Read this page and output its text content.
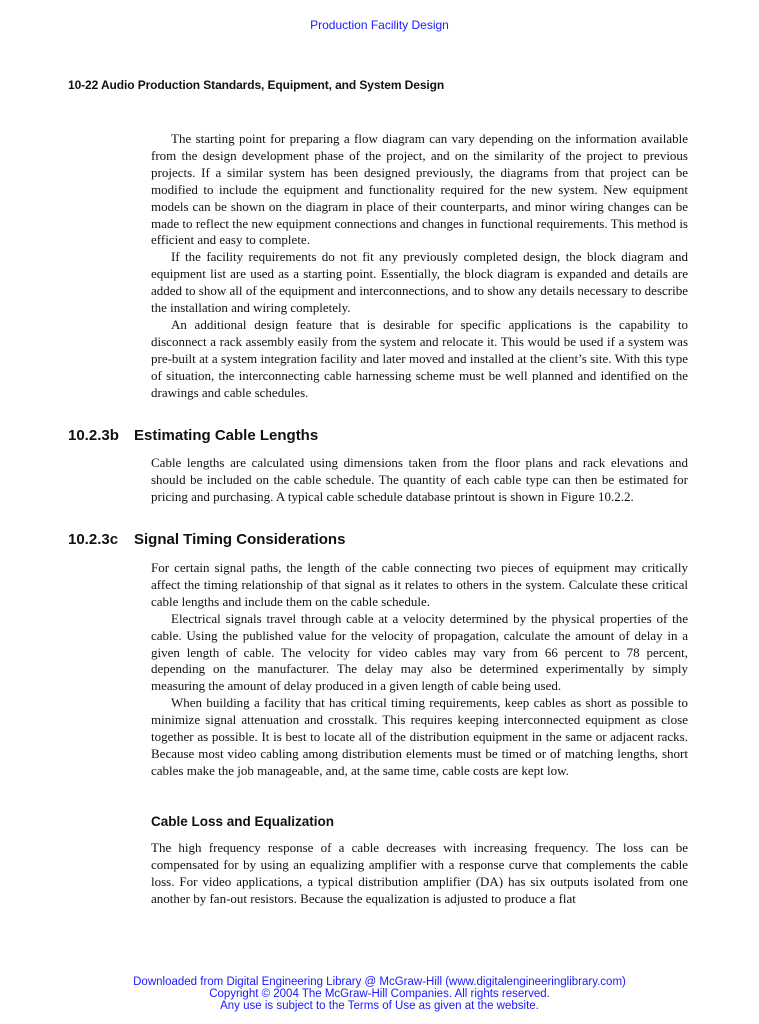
Production Facility Design
10-22 Audio Production Standards, Equipment, and System Design

The starting point for preparing a flow diagram can vary depending on the information available from the design development phase of the project, and on the similarity of the project to previous projects. If a similar system has been designed previously, the diagrams from that project can be modified to include the equipment and functionality required for the new system. New equipment models can be shown on the diagram in place of their counterparts, and minor wiring changes can be made to reflect the new equipment connections and changes in functional requirements. This method is efficient and easy to complete.

If the facility requirements do not fit any previously completed design, the block diagram and equipment list are used as a starting point. Essentially, the block diagram is expanded and details are added to show all of the equipment and interconnections, and to show any details necessary to describe the installation and wiring completely.

An additional design feature that is desirable for specific applications is the capability to disconnect a rack assembly easily from the system and relocate it. This would be used if a system was pre-built at a system integration facility and later moved and installed at the client’s site. With this type of situation, the interconnecting cable harnessing scheme must be well planned and identified on the drawings and cable schedules.

10.2.3b Estimating Cable Lengths

Cable lengths are calculated using dimensions taken from the floor plans and rack elevations and should be included on the cable schedule. The quantity of each cable type can then be estimated for pricing and purchasing. A typical cable schedule database printout is shown in Figure 10.2.2.

10.2.3c Signal Timing Considerations

For certain signal paths, the length of the cable connecting two pieces of equipment may critically affect the timing relationship of that signal as it relates to others in the system. Calculate these critical cable lengths and include them on the cable schedule.

Electrical signals travel through cable at a velocity determined by the physical properties of the cable. Using the published value for the velocity of propagation, calculate the amount of delay in a given length of cable. The velocity for video cables may vary from 66 percent to 78 percent, depending on the manufacturer. The delay may also be determined experimentally by simply measuring the amount of delay produced in a given length of cable being used.

When building a facility that has critical timing requirements, keep cables as short as possible to minimize signal attenuation and crosstalk. This requires keeping interconnected equipment as close together as possible. It is best to locate all of the distribution equipment in the same or adjacent racks. Because most video cabling among distribution elements must be timed or of matching lengths, short cables make the job manageable, and, at the same time, cable costs are kept low.

Cable Loss and Equalization

The high frequency response of a cable decreases with increasing frequency. The loss can be compensated for by using an equalizing amplifier with a response curve that complements the cable loss. For video applications, a typical distribution amplifier (DA) has six outputs isolated from one another by fan-out resistors. Because the equalization is adjusted to produce a flat

Downloaded from Digital Engineering Library @ McGraw-Hill (www.digitalengineeringlibrary.com)
Copyright © 2004 The McGraw-Hill Companies. All rights reserved.
Any use is subject to the Terms of Use as given at the website.
